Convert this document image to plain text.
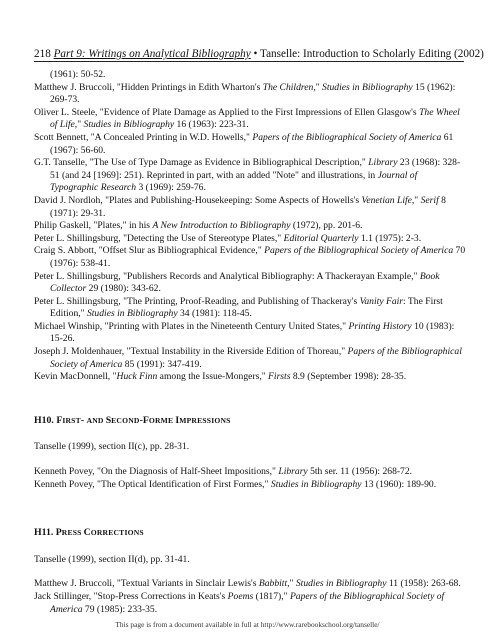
218 Part 9: Writings on Analytical Bibliography • Tanselle: Introduction to Scholarly Editing (2002)

(1961): 50-52.

Matthew J. Bruccoli, "Hidden Printings in Edith Wharton's The Children," Studies in Bibliography 15 (1962): 269-73.

Oliver L. Steele, "Evidence of Plate Damage as Applied to the First Impressions of Ellen Glasgow's The Wheel of Life," Studies in Bibliography 16 (1963): 223-31.

Scott Bennett, "A Concealed Printing in W.D. Howells," Papers of the Bibliographical Society of America 61 (1967): 56-60.

G.T. Tanselle, "The Use of Type Damage as Evidence in Bibliographical Description," Library 23 (1968): 328-51 (and 24 [1969]: 251). Reprinted in part, with an added "Note" and illustrations, in Journal of Typographic Research 3 (1969): 259-76.

David J. Nordloh, "Plates and Publishing-Housekeeping: Some Aspects of Howells's Venetian Life," Serif 8 (1971): 29-31.

Philip Gaskell, "Plates," in his A New Introduction to Bibliography (1972), pp. 201-6.

Peter L. Shillingsburg, "Detecting the Use of Stereotype Plates," Editorial Quarterly 1.1 (1975): 2-3.

Craig S. Abbott, "Offset Slur as Bibliographical Evidence," Papers of the Bibliographical Society of America 70 (1976): 538-41.

Peter L. Shillingsburg, "Publishers Records and Analytical Bibliography: A Thackerayan Example," Book Collector 29 (1980): 343-62.

Peter L. Shillingsburg, "The Printing, Proof-Reading, and Publishing of Thackeray's Vanity Fair: The First Edition," Studies in Bibliography 34 (1981): 118-45.

Michael Winship, "Printing with Plates in the Nineteenth Century United States," Printing History 10 (1983): 15-26.

Joseph J. Moldenhauer, "Textual Instability in the Riverside Edition of Thoreau," Papers of the Bibliographical Society of America 85 (1991): 347-419.

Kevin MacDonnell, "Huck Finn among the Issue-Mongers," Firsts 8.9 (September 1998): 28-35.

H10. FIRST- AND SECOND-FORME IMPRESSIONS

Tanselle (1999), section II(c), pp. 28-31.

Kenneth Povey, "On the Diagnosis of Half-Sheet Impositions," Library 5th ser. 11 (1956): 268-72.

Kenneth Povey, "The Optical Identification of First Formes," Studies in Bibliography 13 (1960): 189-90.

H11. PRESS CORRECTIONS

Tanselle (1999), section II(d), pp. 31-41.

Matthew J. Bruccoli, "Textual Variants in Sinclair Lewis's Babbitt," Studies in Bibliography 11 (1958): 263-68.

Jack Stillinger, "Stop-Press Corrections in Keats's Poems (1817)," Papers of the Bibliographical Society of America 79 (1985): 233-35.

This page is from a document available in full at http://www.rarebookschool.org/tanselle/
